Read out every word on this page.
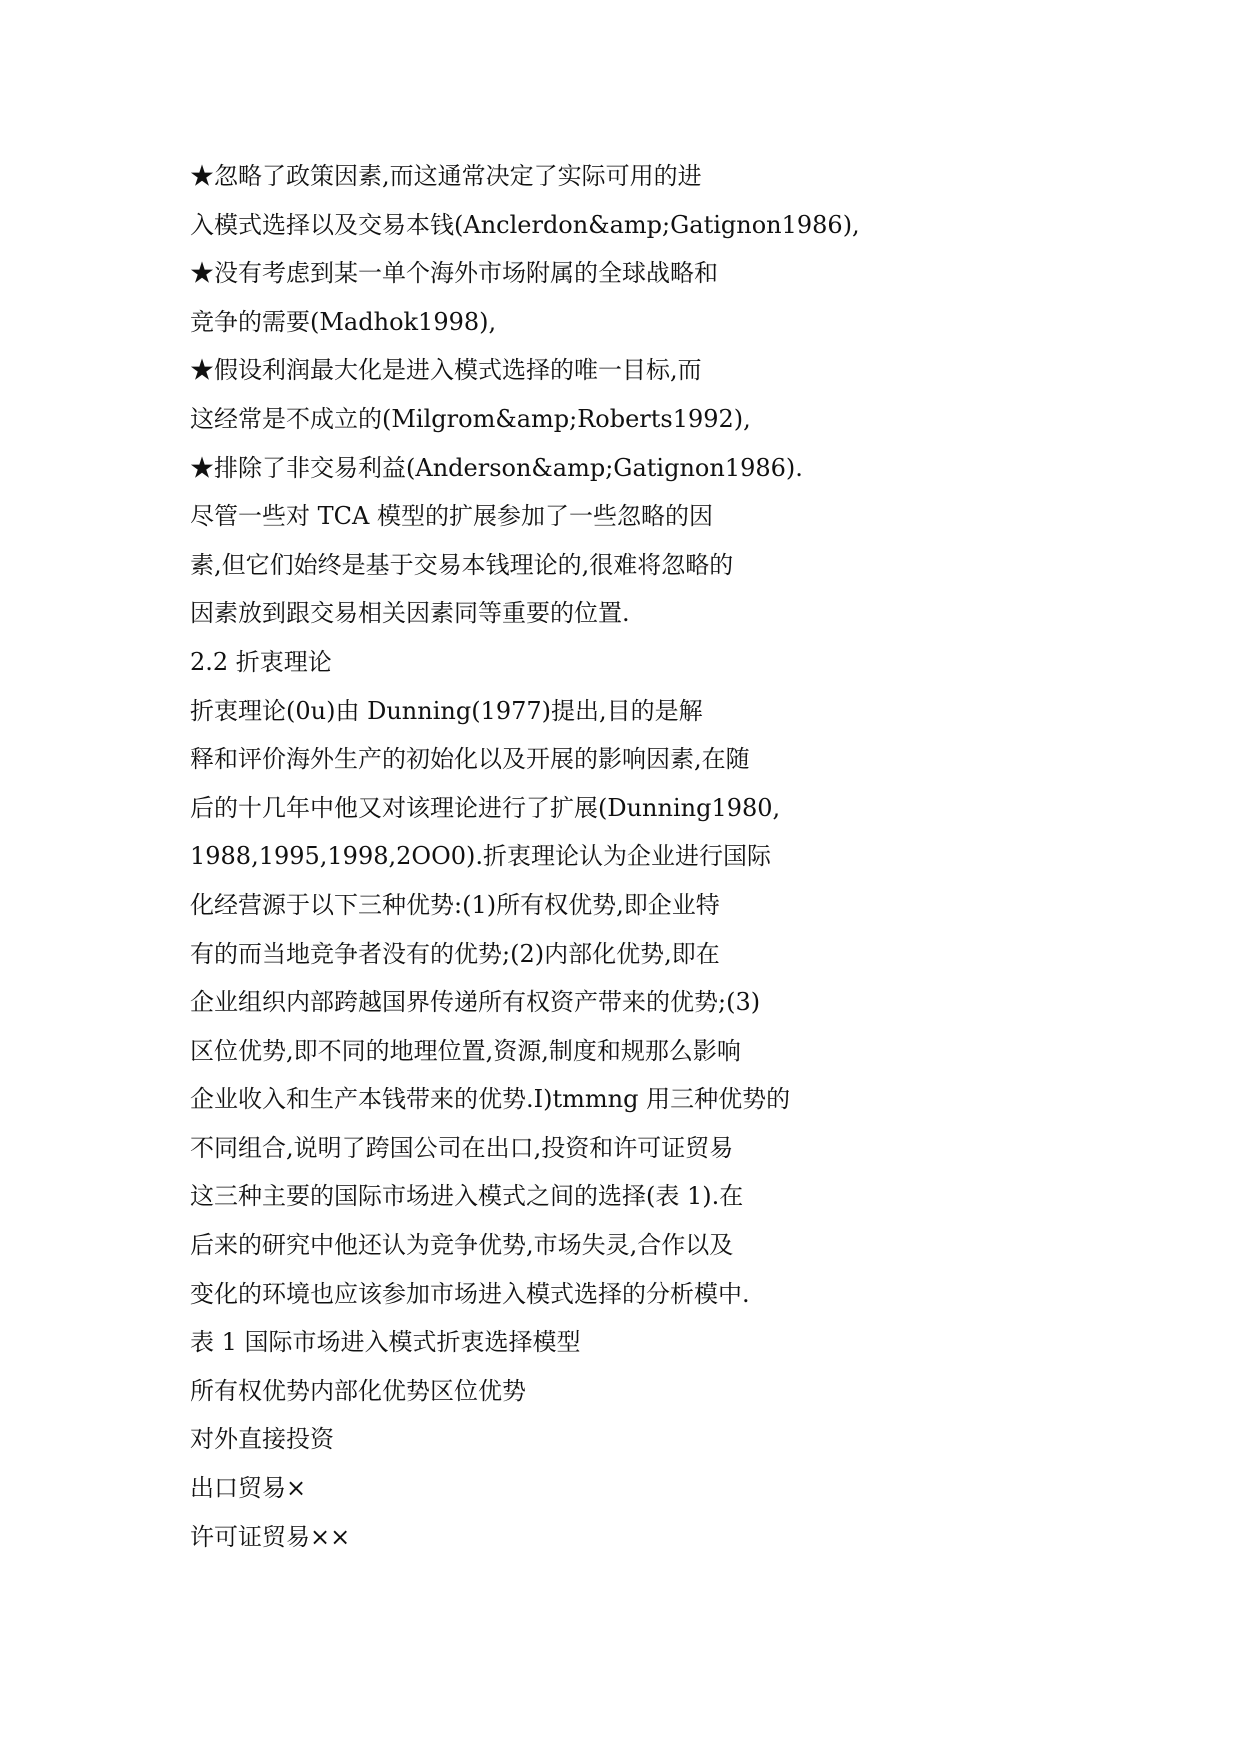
★忽略了政策因素,而这通常决定了实际可用的进
入模式选择以及交易本钱(Anclerdon&amp;Gatignon1986),
★没有考虑到某一单个海外市场附属的全球战略和
竞争的需要(Madhok1998),
★假设利润最大化是进入模式选择的唯一目标,而
这经常是不成立的(Milgrom&amp;Roberts1992),
★排除了非交易利益(Anderson&amp;Gatignon1986).
尽管一些对 TCA 模型的扩展参加了一些忽略的因
素,但它们始终是基于交易本钱理论的,很难将忽略的
因素放到跟交易相关因素同等重要的位置.
2.2 折衷理论
折衷理论(0u)由 Dunning(1977)提出,目的是解
释和评价海外生产的初始化以及开展的影响因素,在随
后的十几年中他又对该理论进行了扩展(Dunning1980,
1988,1995,1998,2OO0).折衷理论认为企业进行国际
化经营源于以下三种优势:(1)所有权优势,即企业特
有的而当地竞争者没有的优势;(2)内部化优势,即在
企业组织内部跨越国界传递所有权资产带来的优势;(3)
区位优势,即不同的地理位置,资源,制度和规那么影响
企业收入和生产本钱带来的优势.I)tmmng 用三种优势的
不同组合,说明了跨国公司在出口,投资和许可证贸易
这三种主要的国际市场进入模式之间的选择(表 1).在
后来的研究中他还认为竞争优势,市场失灵,合作以及
变化的环境也应该参加市场进入模式选择的分析模中.
表 1 国际市场进入模式折衷选择模型
所有权优势内部化优势区位优势
对外直接投资
出口贸易×
许可证贸易××
